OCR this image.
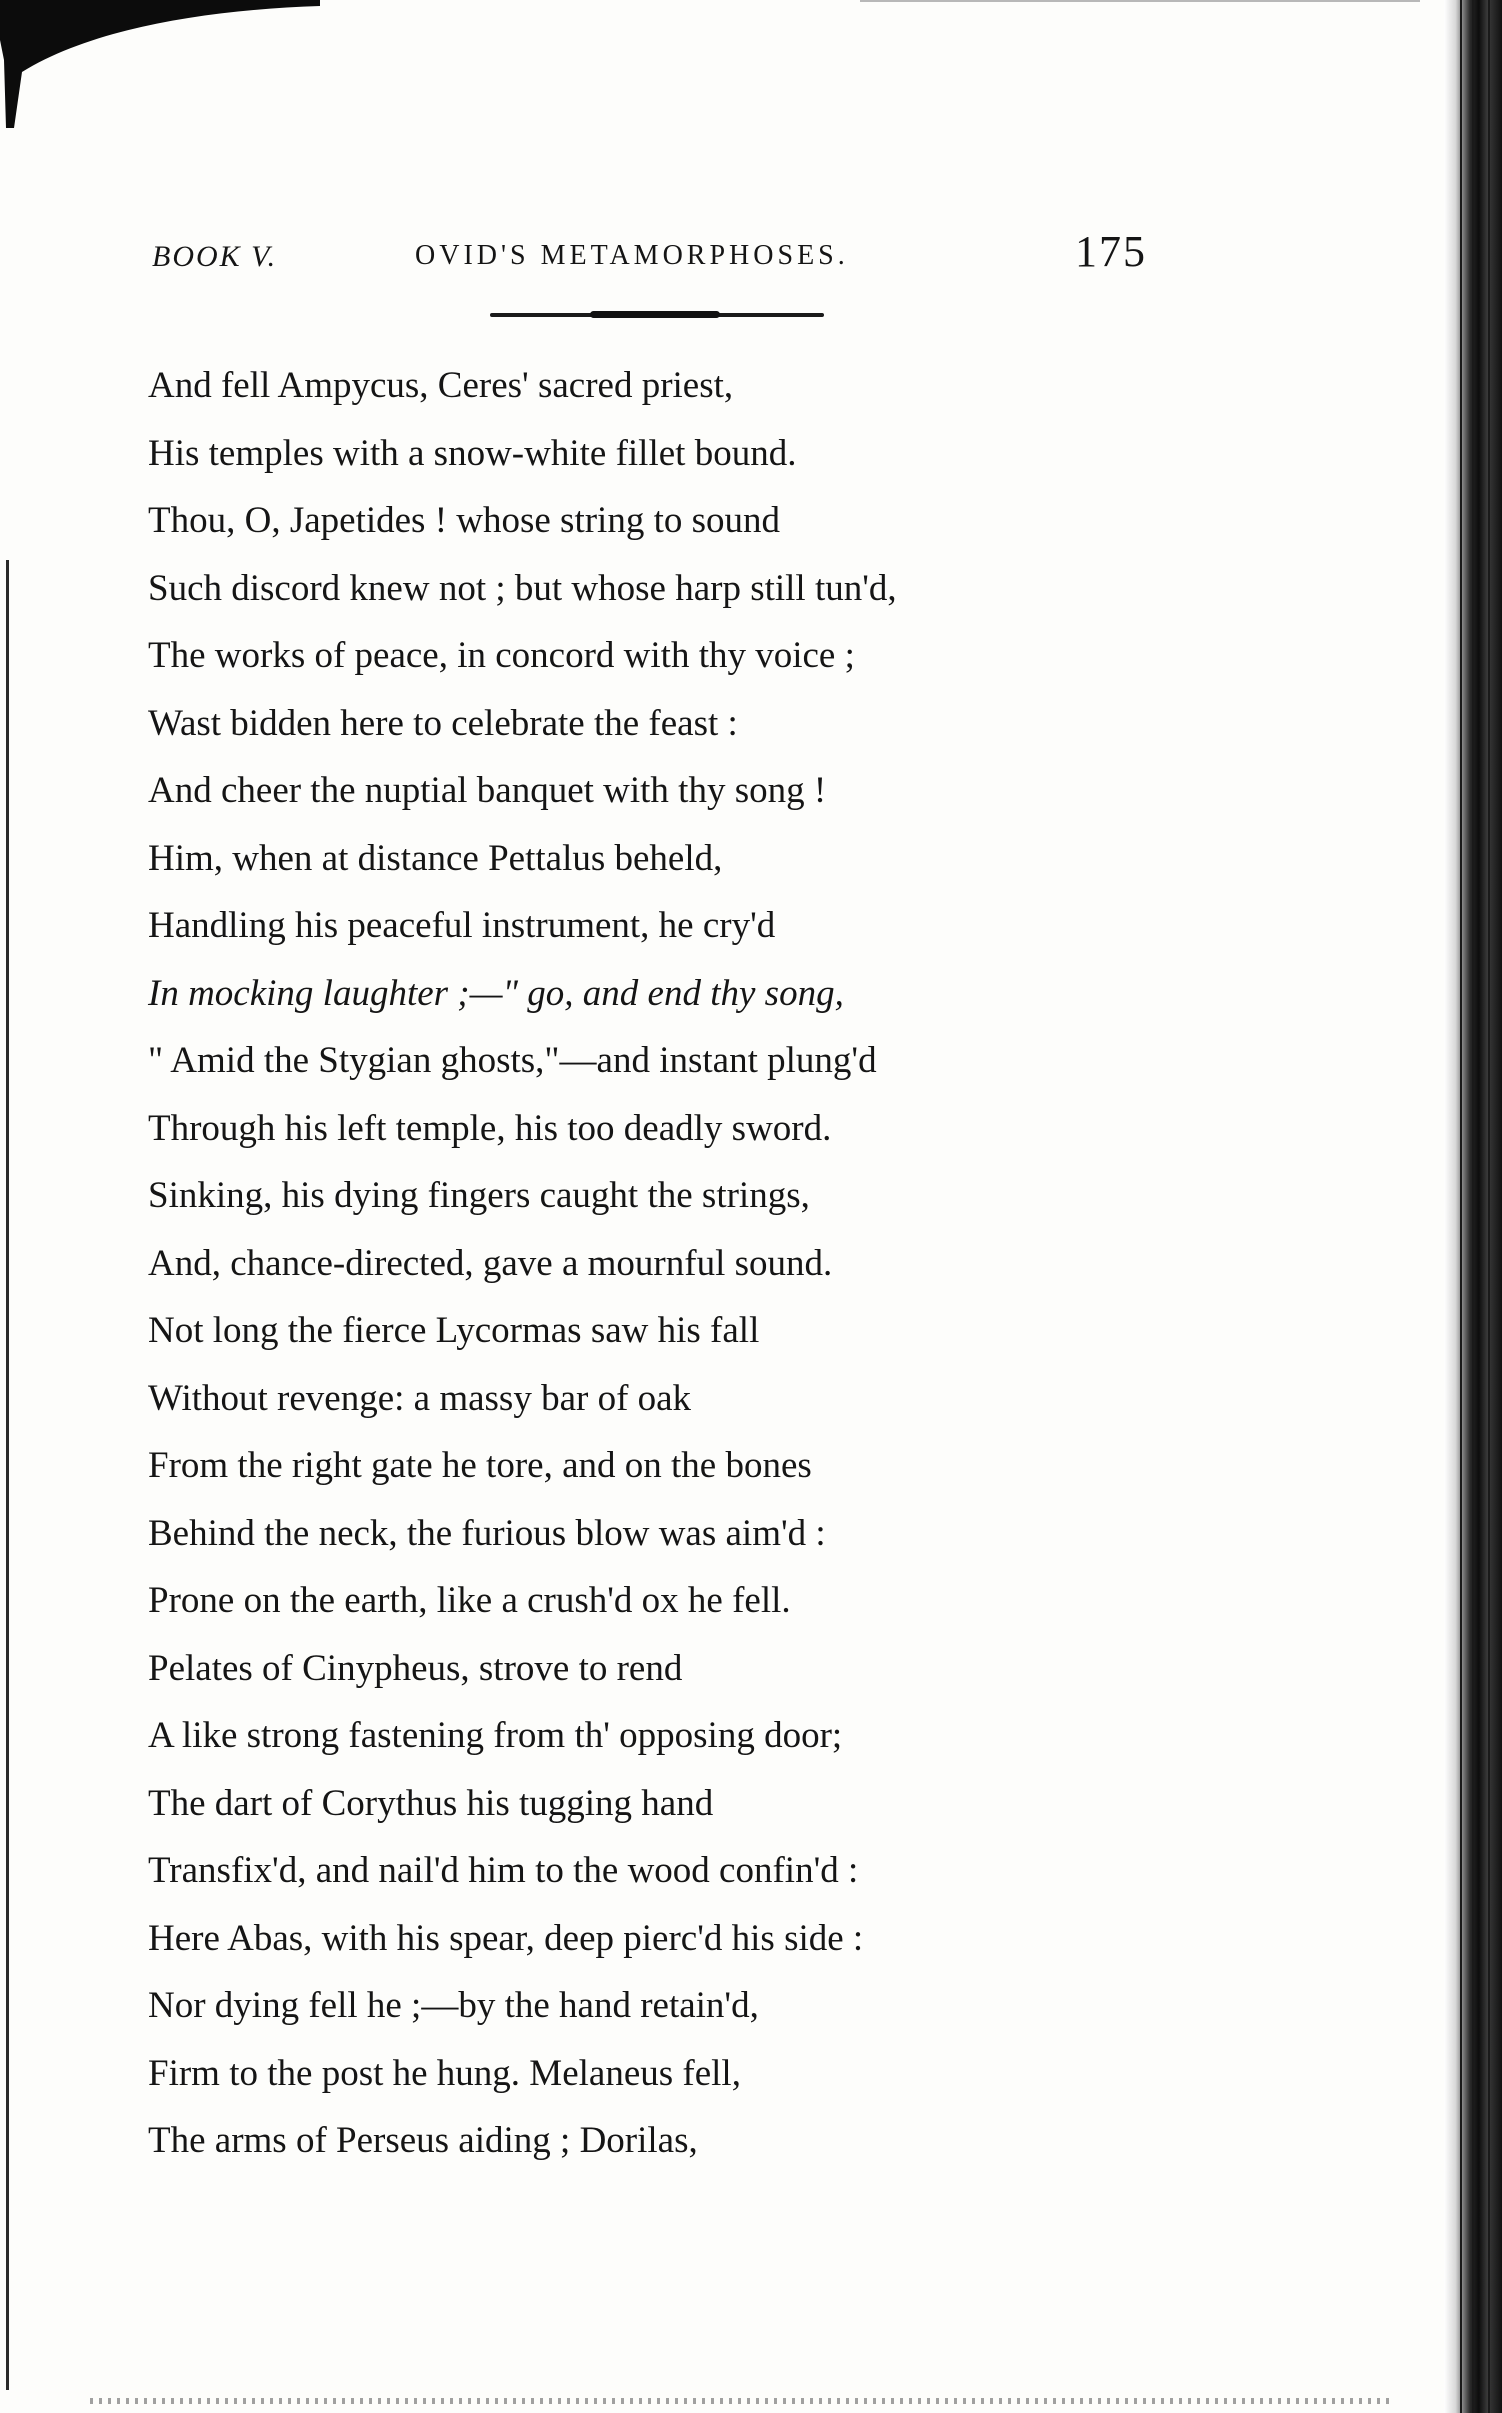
BOOK V.	OVID'S METAMORPHOSES.	175
And fell Ampycus, Ceres' sacred priest,
His temples with a snow-white fillet bound.
Thou, O, Japetides ! whose string to sound
Such discord knew not ; but whose harp still tun'd,
The works of peace, in concord with thy voice ;
Wast bidden here to celebrate the feast :
And cheer the nuptial banquet with thy song !
Him, when at distance Pettalus beheld,
Handling his peaceful instrument, he cry'd
In mocking laughter ;—" go, and end thy song,
" Amid the Stygian ghosts,"—and instant plung'd
Through his left temple, his too deadly sword.
Sinking, his dying fingers caught the strings,
And, chance-directed, gave a mournful sound.
Not long the fierce Lycormas saw his fall
Without revenge: a massy bar of oak
From the right gate he tore, and on the bones
Behind the neck, the furious blow was aim'd :
Prone on the earth, like a crush'd ox he fell.
Pelates of Cinypheus, strove to rend
A like strong fastening from th' opposing door;
The dart of Corythus his tugging hand
Transfix'd, and nail'd him to the wood confin'd :
Here Abas, with his spear, deep pierc'd his side :
Nor dying fell he ;—by the hand retain'd,
Firm to the post he hung. Melaneus fell,
The arms of Perseus aiding ; Dorilas,
